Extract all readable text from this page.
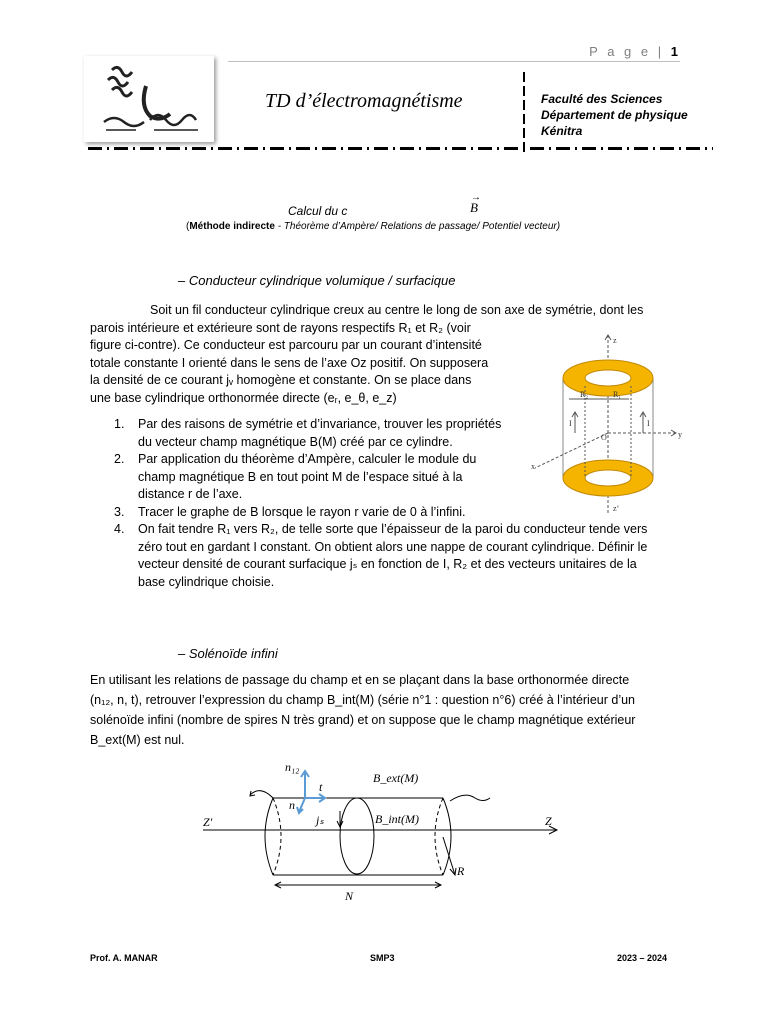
P a g e | 1
TD d’électromagnétisme	Faculté des Sciences
Département de physique
Kénitra
Calcul du c
→
B
(Méthode indirecte - Théorème d’Ampère/ Relations de passage/ Potentiel vecteur)
– Conducteur cylindrique volumique / surfacique
Soit un fil conducteur cylindrique creux au centre le long de son axe de symétrie, dont les
parois intérieure et extérieure sont de rayons respectifs R₁ et R₂ (voir
figure ci-contre). Ce conducteur est parcouru par un courant d’intensité
totale constante I orienté dans le sens de l’axe Oz positif. On supposera
la densité de ce courant jᵥ homogène et constante. On se place dans
une base cylindrique orthonormée directe (eᵣ, e_θ, e_z)
1. Par des raisons de symétrie et d’invariance, trouver les propriétés
du vecteur champ magnétique B(M) créé par ce cylindre.
2. Par application du théorème d’Ampère, calculer le module du
champ magnétique B en tout point M de l’espace situé à la
distance r de l’axe.
3. Tracer le graphe de B lorsque le rayon r varie de 0 à l’infini.
4. On fait tendre R₁ vers R₂, de telle sorte que l’épaisseur de la paroi du conducteur tende vers
zéro tout en gardant I constant. On obtient alors une nappe de courant cylindrique. Définir le
vecteur densité de courant surfacique jₛ en fonction de I, R₂ et des vecteurs unitaires de la
base cylindrique choisie.
z
z’
y
x
O
R₂	R₁
I	I
– Solénoïde infini
En utilisant les relations de passage du champ et en se plaçant dans la base orthonormée directe
(n₁₂, n, t), retrouver l’expression du champ B_int(M) (série n°1 : question n°6) créé à l’intérieur d’un
solénoïde infini (nombre de spires N très grand) et on suppose que le champ magnétique extérieur
B_ext(M) est nul.
n₁₂
t
n
jₛ
B_ext(M)
B_int(M)
Z′	Z
R
N
Prof. A. MANAR	SMP3	2023 – 2024
